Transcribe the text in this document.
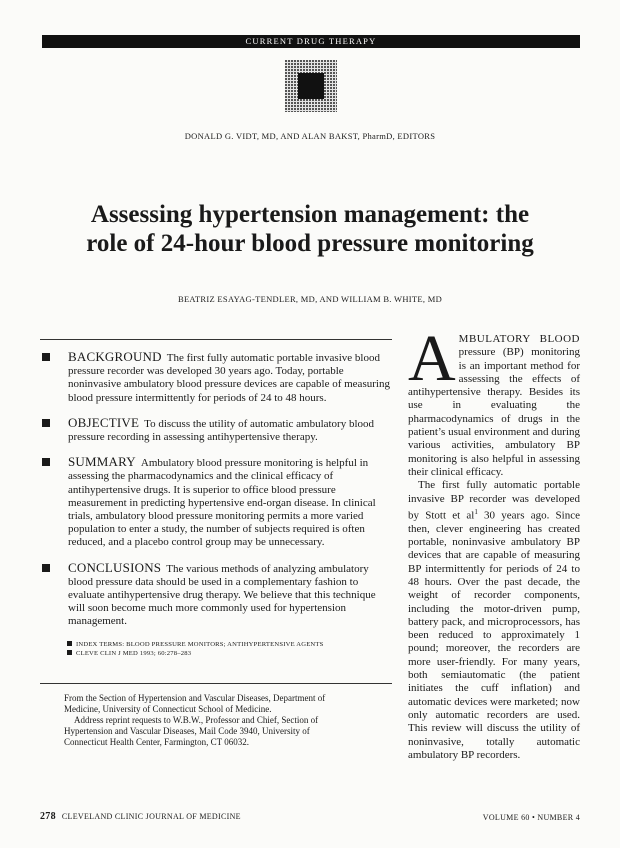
CURRENT DRUG THERAPY
DONALD G. VIDT, MD, AND ALAN BAKST, PharmD, EDITORS
Assessing hypertension management: the
role of 24-hour blood pressure monitoring
BEATRIZ ESAYAG-TENDLER, MD, AND WILLIAM B. WHITE, MD
BACKGROUND The first fully automatic portable invasive blood pressure recorder was developed 30 years ago. Today, portable noninvasive ambulatory blood pressure devices are capable of measuring blood pressure intermittently for periods of 24 to 48 hours.
OBJECTIVE To discuss the utility of automatic ambulatory blood pressure recording in assessing antihypertensive therapy.
SUMMARY Ambulatory blood pressure monitoring is helpful in assessing the pharmacodynamics and the clinical efficacy of antihypertensive drugs. It is superior to office blood pressure measurement in predicting hypertensive end-organ disease. In clinical trials, ambulatory blood pressure monitoring permits a more varied population to enter a study, the number of subjects required is often reduced, and a placebo control group may be unnecessary.
CONCLUSIONS The various methods of analyzing ambulatory blood pressure data should be used in a complementary fashion to evaluate antihypertensive drug therapy. We believe that this technique will soon become much more commonly used for hypertension management.
INDEX TERMS: BLOOD PRESSURE MONITORS; ANTIHYPERTENSIVE AGENTS
CLEVE CLIN J MED 1993; 60:278–283

From the Section of Hypertension and Vascular Diseases, Department of Medicine, University of Connecticut School of Medicine.

Address reprint requests to W.B.W., Professor and Chief, Section of Hypertension and Vascular Diseases, Mail Code 3940, University of Connecticut Health Center, Farmington, CT 06032.

AMBULATORY BLOOD pressure (BP) monitoring is an important method for assessing the effects of antihypertensive therapy. Besides its use in evaluating the pharmacodynamics of drugs in the patient’s usual environment and during various activities, ambulatory BP monitoring is also helpful in assessing their clinical efficacy.

The first fully automatic portable invasive BP recorder was developed by Stott et $al^1$ 30 years ago. Since then, clever engineering has created portable, noninvasive ambulatory BP devices that are capable of measuring BP intermittently for periods of 24 to 48 hours. Over the past decade, the weight of recorder components, including the motor-driven pump, battery pack, and microprocessors, has been reduced to approximately 1 pound; moreover, the recorders are more user-friendly. For many years, both semiautomatic (the patient initiates the cuff inflation) and automatic devices were marketed; now only automatic recorders are used. This review will discuss the utility of noninvasive, totally automatic ambulatory BP recorders.

278 CLEVELAND CLINIC JOURNAL OF MEDICINE	VOLUME 60 • NUMBER 4
